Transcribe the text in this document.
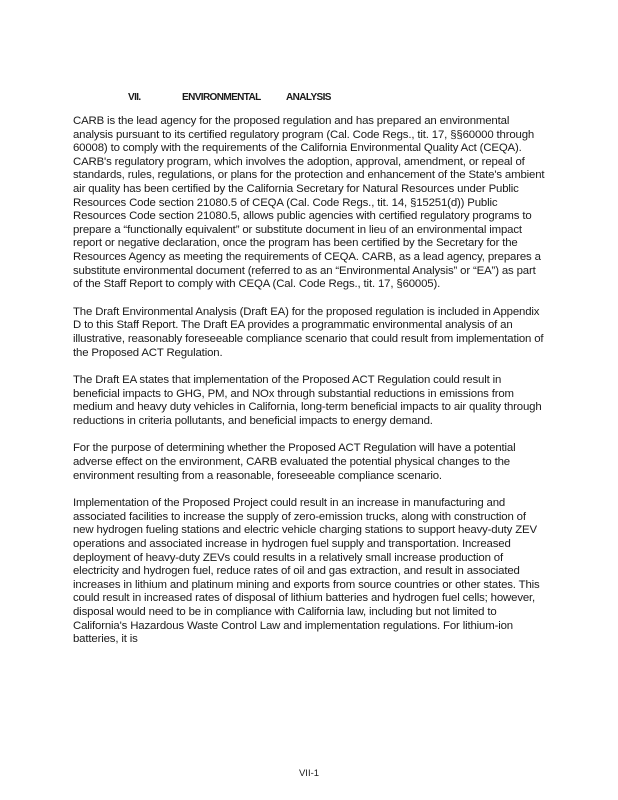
VII.	ENVIRONMENTAL	ANALYSIS

CARB is the lead agency for the proposed regulation and has prepared an environmental analysis pursuant to its certified regulatory program (Cal. Code Regs., tit. 17, §§60000 through 60008) to comply with the requirements of the California Environmental Quality Act (CEQA). CARB's regulatory program, which involves the adoption, approval, amendment, or repeal of standards, rules, regulations, or plans for the protection and enhancement of the State's ambient air quality has been certified by the California Secretary for Natural Resources under Public Resources Code section 21080.5 of CEQA (Cal. Code Regs., tit. 14, §15251(d)) Public Resources Code section 21080.5, allows public agencies with certified regulatory programs to prepare a “functionally equivalent” or substitute document in lieu of an environmental impact report or negative declaration, once the program has been certified by the Secretary for the Resources Agency as meeting the requirements of CEQA. CARB, as a lead agency, prepares a substitute environmental document (referred to as an “Environmental Analysis” or “EA”) as part of the Staff Report to comply with CEQA (Cal. Code Regs., tit. 17, §60005).

The Draft Environmental Analysis (Draft EA) for the proposed regulation is included in Appendix D to this Staff Report. The Draft EA provides a programmatic environmental analysis of an illustrative, reasonably foreseeable compliance scenario that could result from implementation of the Proposed ACT Regulation.

The Draft EA states that implementation of the Proposed ACT Regulation could result in beneficial impacts to GHG, PM, and NOx through substantial reductions in emissions from medium and heavy duty vehicles in California, long-term beneficial impacts to air quality through reductions in criteria pollutants, and beneficial impacts to energy demand.

For the purpose of determining whether the Proposed ACT Regulation will have a potential adverse effect on the environment, CARB evaluated the potential physical changes to the environment resulting from a reasonable, foreseeable compliance scenario.

Implementation of the Proposed Project could result in an increase in manufacturing and associated facilities to increase the supply of zero-emission trucks, along with construction of new hydrogen fueling stations and electric vehicle charging stations to support heavy-duty ZEV operations and associated increase in hydrogen fuel supply and transportation. Increased deployment of heavy-duty ZEVs could results in a relatively small increase production of electricity and hydrogen fuel, reduce rates of oil and gas extraction, and result in associated increases in lithium and platinum mining and exports from source countries or other states. This could result in increased rates of disposal of lithium batteries and hydrogen fuel cells; however, disposal would need to be in compliance with California law, including but not limited to California's Hazardous Waste Control Law and implementation regulations. For lithium-ion batteries, it is

VII-1
